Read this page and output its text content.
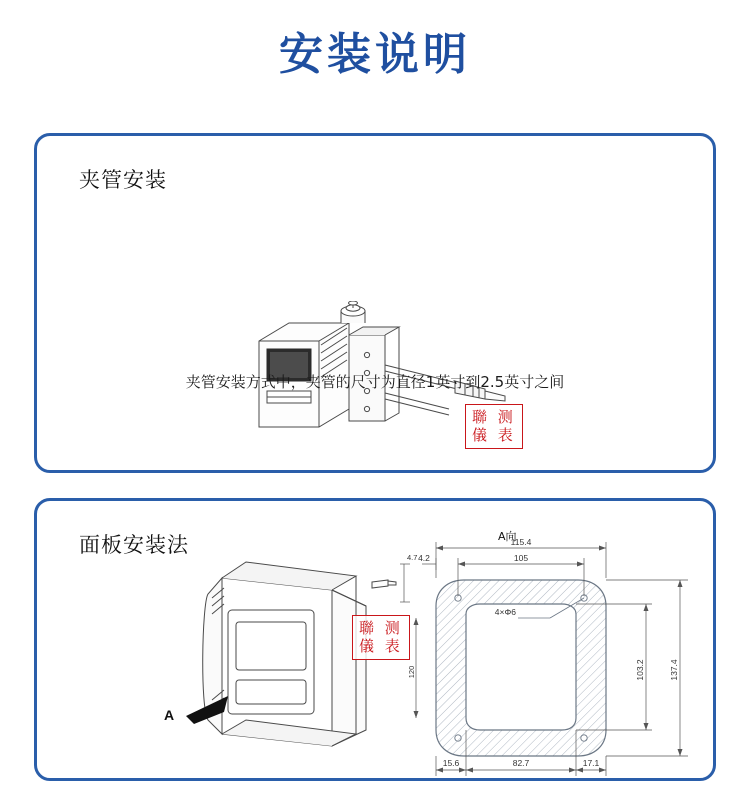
安装说明
夹管安装
聯 测
儀 表
夹管安装方式中，夹管的尺寸为直径1英寸到2.5英寸之间
面板安装法
A
A向
4×Φ6
115.4
105
4.2
4.7
120	103.2	137.4
15.6	82.7	17.1
聯 测
儀 表
